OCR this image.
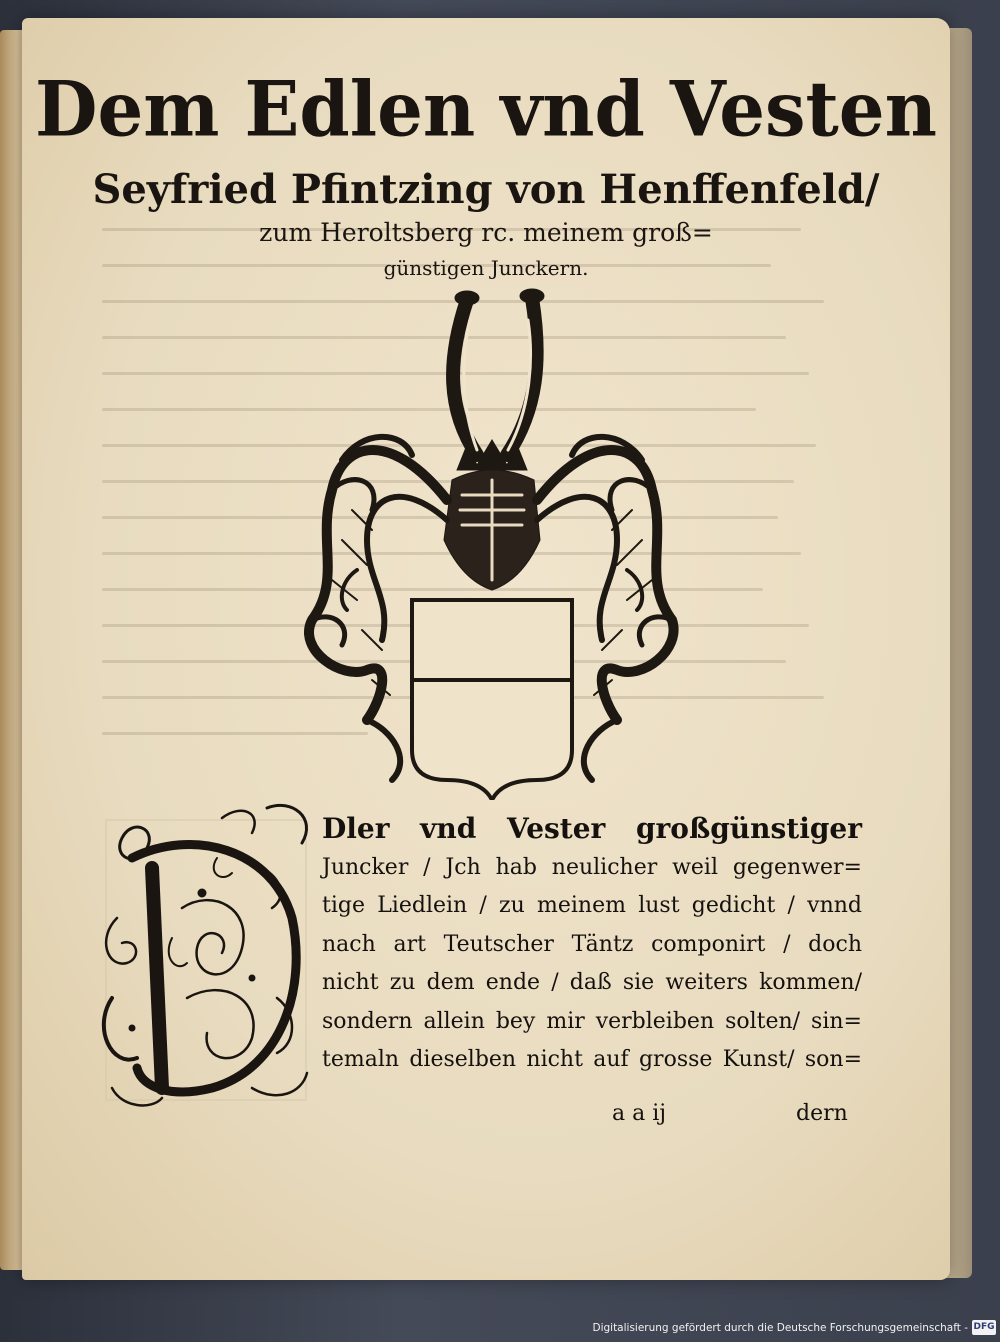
Dem Edlen vnd Vesten
Seyfried Pfintzing von Henffenfeld/
zum Heroltsberg rc. meinem groß=
günstigen Junckern.
Dler vnd Vester großgünstiger
Juncker / Jch hab neulicher weil gegenwer=
tige Liedlein / zu meinem lust gedicht / vnnd
nach art Teutscher Täntz componirt / doch
nicht zu dem ende / daß sie weiters kommen/
sondern allein bey mir verbleiben solten/ sin=
temaln dieselben nicht auf grosse Kunst/ son=
a a ij	dern
Digitalisierung gefördert durch die Deutsche Forschungsgemeinschaft - DFG
